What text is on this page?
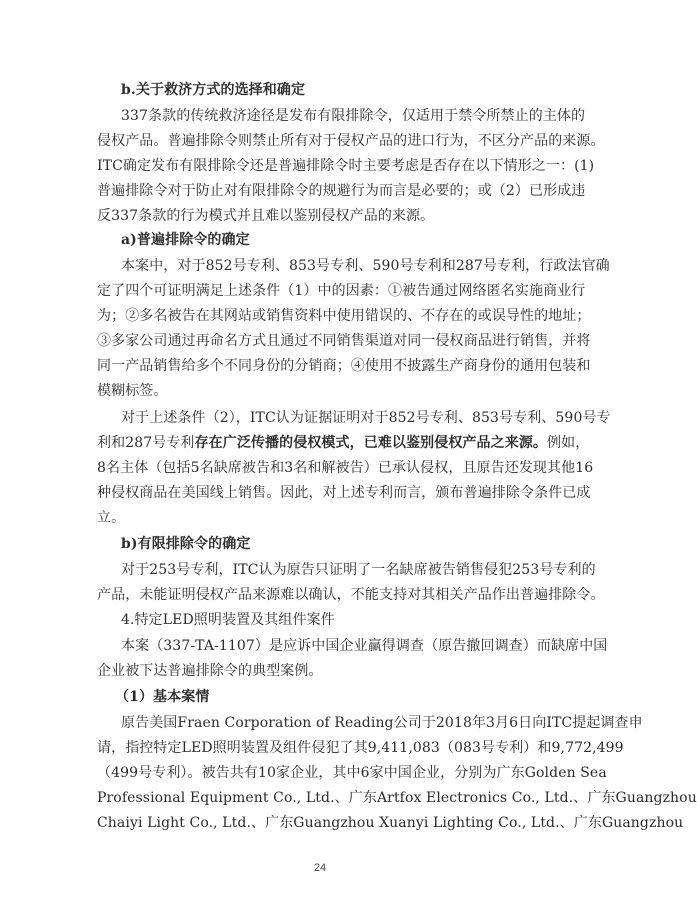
b.关于救济方式的选择和确定

337条款的传统救济途径是发布有限排除令，仅适用于禁令所禁止的主体的

侵权产品。普遍排除令则禁止所有对于侵权产品的进口行为，不区分产品的来源。

ITC确定发布有限排除令还是普遍排除令时主要考虑是否存在以下情形之一：(1)

普遍排除令对于防止对有限排除令的规避行为而言是必要的；或（2）已形成违

反337条款的行为模式并且难以鉴别侵权产品的来源。

a)普遍排除令的确定

本案中，对于852号专利、853号专利、590号专利和287号专利，行政法官确

定了四个可证明满足上述条件（1）中的因素：①被告通过网络匿名实施商业行

为；②多名被告在其网站或销售资料中使用错误的、不存在的或误导性的地址；

③多家公司通过再命名方式且通过不同销售渠道对同一侵权商品进行销售，并将

同一产品销售给多个不同身份的分销商；④使用不披露生产商身份的通用包装和

模糊标签。

对于上述条件（2），ITC认为证据证明对于852号专利、853号专利、590号专

利和287号专利存在广泛传播的侵权模式，已难以鉴别侵权产品之来源。例如，

8名主体（包括5名缺席被告和3名和解被告）已承认侵权，且原告还发现其他16

种侵权商品在美国线上销售。因此，对上述专利而言，颁布普遍排除令条件已成

立。

b)有限排除令的确定

对于253号专利，ITC认为原告只证明了一名缺席被告销售侵犯253号专利的

产品，未能证明侵权产品来源难以确认，不能支持对其相关产品作出普遍排除令。

4.特定LED照明装置及其组件案件

本案（337-TA-1107）是应诉中国企业赢得调查（原告撤回调查）而缺席中国

企业被下达普遍排除令的典型案例。

（1）基本案情

原告美国Fraen Corporation of Reading公司于2018年3月6日向ITC提起调查申

请，指控特定LED照明装置及组件侵犯了其9,411,083（083号专利）和9,772,499

（499号专利）。被告共有10家企业，其中6家中国企业，分别为广东Golden Sea

Professional Equipment Co., Ltd.、广东Artfox Electronics Co., Ltd.、广东Guangzhou

Chaiyi Light Co., Ltd.、广东Guangzhou Xuanyi Lighting Co., Ltd.、广东Guangzhou

24
